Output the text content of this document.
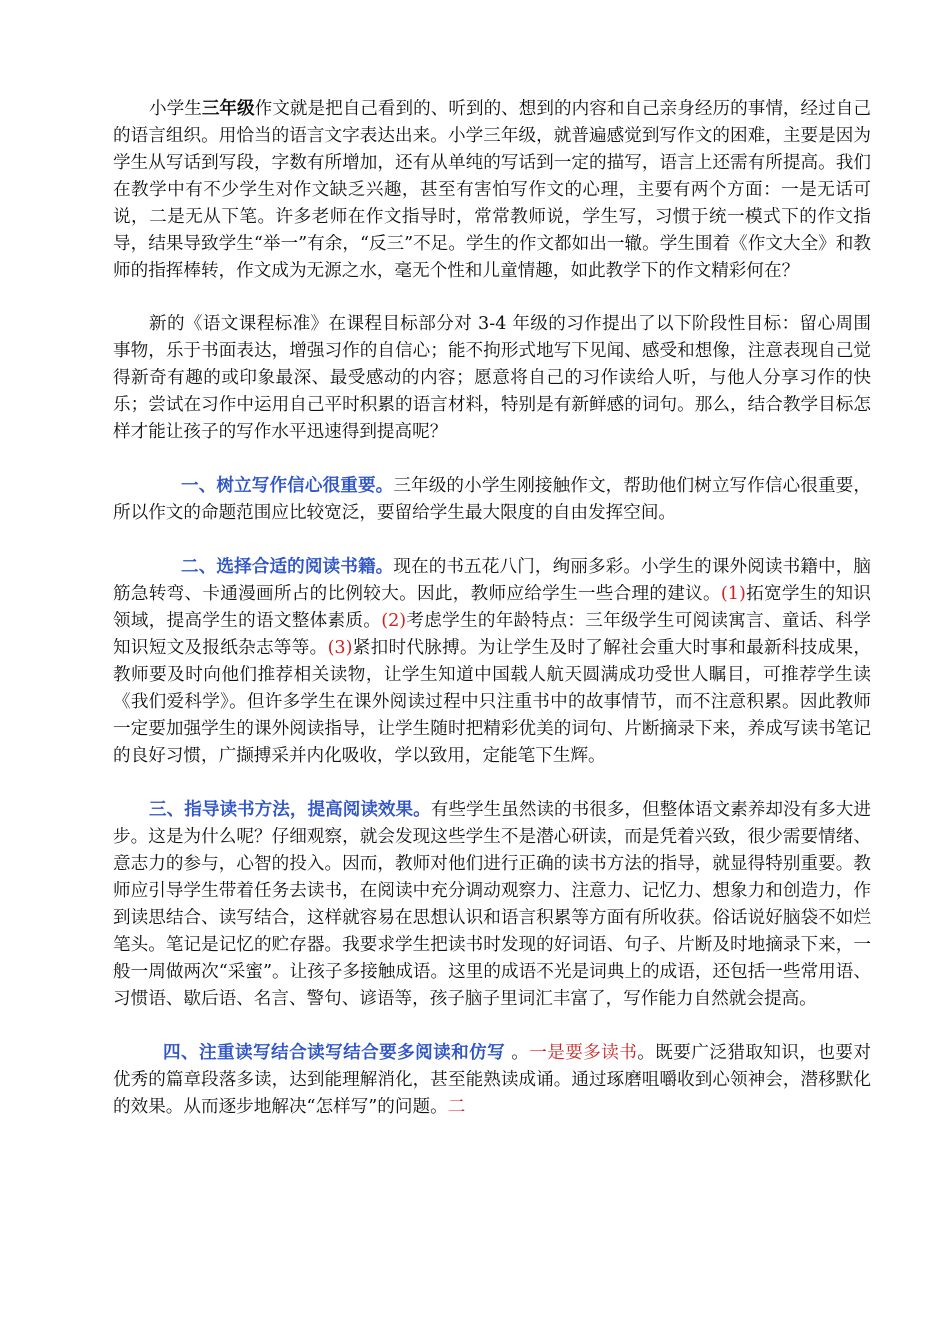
小学生三年级作文就是把自己看到的、听到的、想到的内容和自己亲身经历的事情，经过自己的语言组织。用恰当的语言文字表达出来。小学三年级，就普遍感觉到写作文的困难，主要是因为学生从写话到写段，字数有所增加，还有从单纯的写话到一定的描写，语言上还需有所提高。我们在教学中有不少学生对作文缺乏兴趣，甚至有害怕写作文的心理，主要有两个方面：一是无话可说，二是无从下笔。许多老师在作文指导时，常常教师说，学生写，习惯于统一模式下的作文指导，结果导致学生“举一”有余，“反三”不足。学生的作文都如出一辙。学生围着《作文大全》和教师的指挥棒转，作文成为无源之水，毫无个性和儿童情趣，如此教学下的作文精彩何在？

新的《语文课程标准》在课程目标部分对 3-4 年级的习作提出了以下阶段性目标：留心周围事物，乐于书面表达，增强习作的自信心；能不拘形式地写下见闻、感受和想像，注意表现自己觉得新奇有趣的或印象最深、最受感动的内容；愿意将自己的习作读给人听，与他人分享习作的快乐；尝试在习作中运用自己平时积累的语言材料，特别是有新鲜感的词句。那么，结合教学目标怎样才能让孩子的写作水平迅速得到提高呢？

一、树立写作信心很重要。三年级的小学生刚接触作文，帮助他们树立写作信心很重要，所以作文的命题范围应比较宽泛，要留给学生最大限度的自由发挥空间。

二、选择合适的阅读书籍。现在的书五花八门，绚丽多彩。小学生的课外阅读书籍中，脑筋急转弯、卡通漫画所占的比例较大。因此，教师应给学生一些合理的建议。(1)拓宽学生的知识领域，提高学生的语文整体素质。(2)考虑学生的年龄特点：三年级学生可阅读寓言、童话、科学知识短文及报纸杂志等等。(3)紧扣时代脉搏。为让学生及时了解社会重大时事和最新科技成果，教师要及时向他们推荐相关读物，让学生知道中国载人航天圆满成功受世人瞩目，可推荐学生读《我们爱科学》。但许多学生在课外阅读过程中只注重书中的故事情节，而不注意积累。因此教师一定要加强学生的课外阅读指导，让学生随时把精彩优美的词句、片断摘录下来，养成写读书笔记的良好习惯，广撷搏采并内化吸收，学以致用，定能笔下生辉。

三、指导读书方法，提高阅读效果。有些学生虽然读的书很多，但整体语文素养却没有多大进步。这是为什么呢？仔细观察，就会发现这些学生不是潜心研读，而是凭着兴致，很少需要情绪、意志力的参与，心智的投入。因而，教师对他们进行正确的读书方法的指导，就显得特别重要。教师应引导学生带着任务去读书，在阅读中充分调动观察力、注意力、记忆力、想象力和创造力，作到读思结合、读写结合，这样就容易在思想认识和语言积累等方面有所收获。俗话说好脑袋不如烂笔头。笔记是记忆的贮存器。我要求学生把读书时发现的好词语、句子、片断及时地摘录下来，一般一周做两次“采蜜”。让孩子多接触成语。这里的成语不光是词典上的成语，还包括一些常用语、习惯语、歇后语、名言、警句、谚语等，孩子脑子里词汇丰富了，写作能力自然就会提高。

四、注重读写结合读写结合要多阅读和仿写 。一是要多读书。既要广泛猎取知识，也要对优秀的篇章段落多读，达到能理解消化，甚至能熟读成诵。通过琢磨咀嚼收到心领神会，潜移默化的效果。从而逐步地解决“怎样写”的问题。二
